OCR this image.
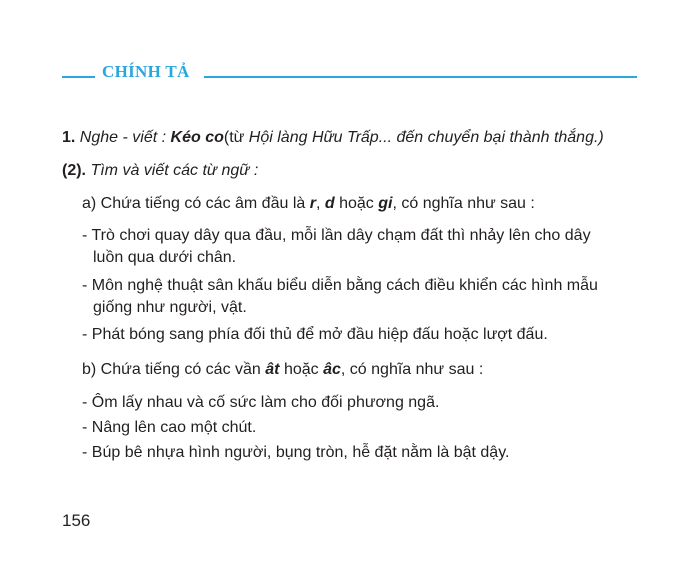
CHÍNH TẢ
1. Nghe - viết : Kéo co(từ Hội làng Hữu Trấp... đến chuyển bại thành thắng.)
(2). Tìm và viết các từ ngữ :
a) Chứa tiếng có các âm đầu là r, d hoặc gi, có nghĩa như sau :
- Trò chơi quay dây qua đầu, mỗi lần dây chạm đất thì nhảy lên cho dây
luồn qua dưới chân.
- Môn nghệ thuật sân khấu biểu diễn bằng cách điều khiển các hình mẫu
giống như người, vật.
- Phát bóng sang phía đối thủ để mở đầu hiệp đấu hoặc lượt đấu.
b) Chứa tiếng có các vần ât hoặc âc, có nghĩa như sau :
- Ôm lấy nhau và cố sức làm cho đối phương ngã.
- Nâng lên cao một chút.
- Búp bê nhựa hình người, bụng tròn, hễ đặt nằm là bật dậy.
156
